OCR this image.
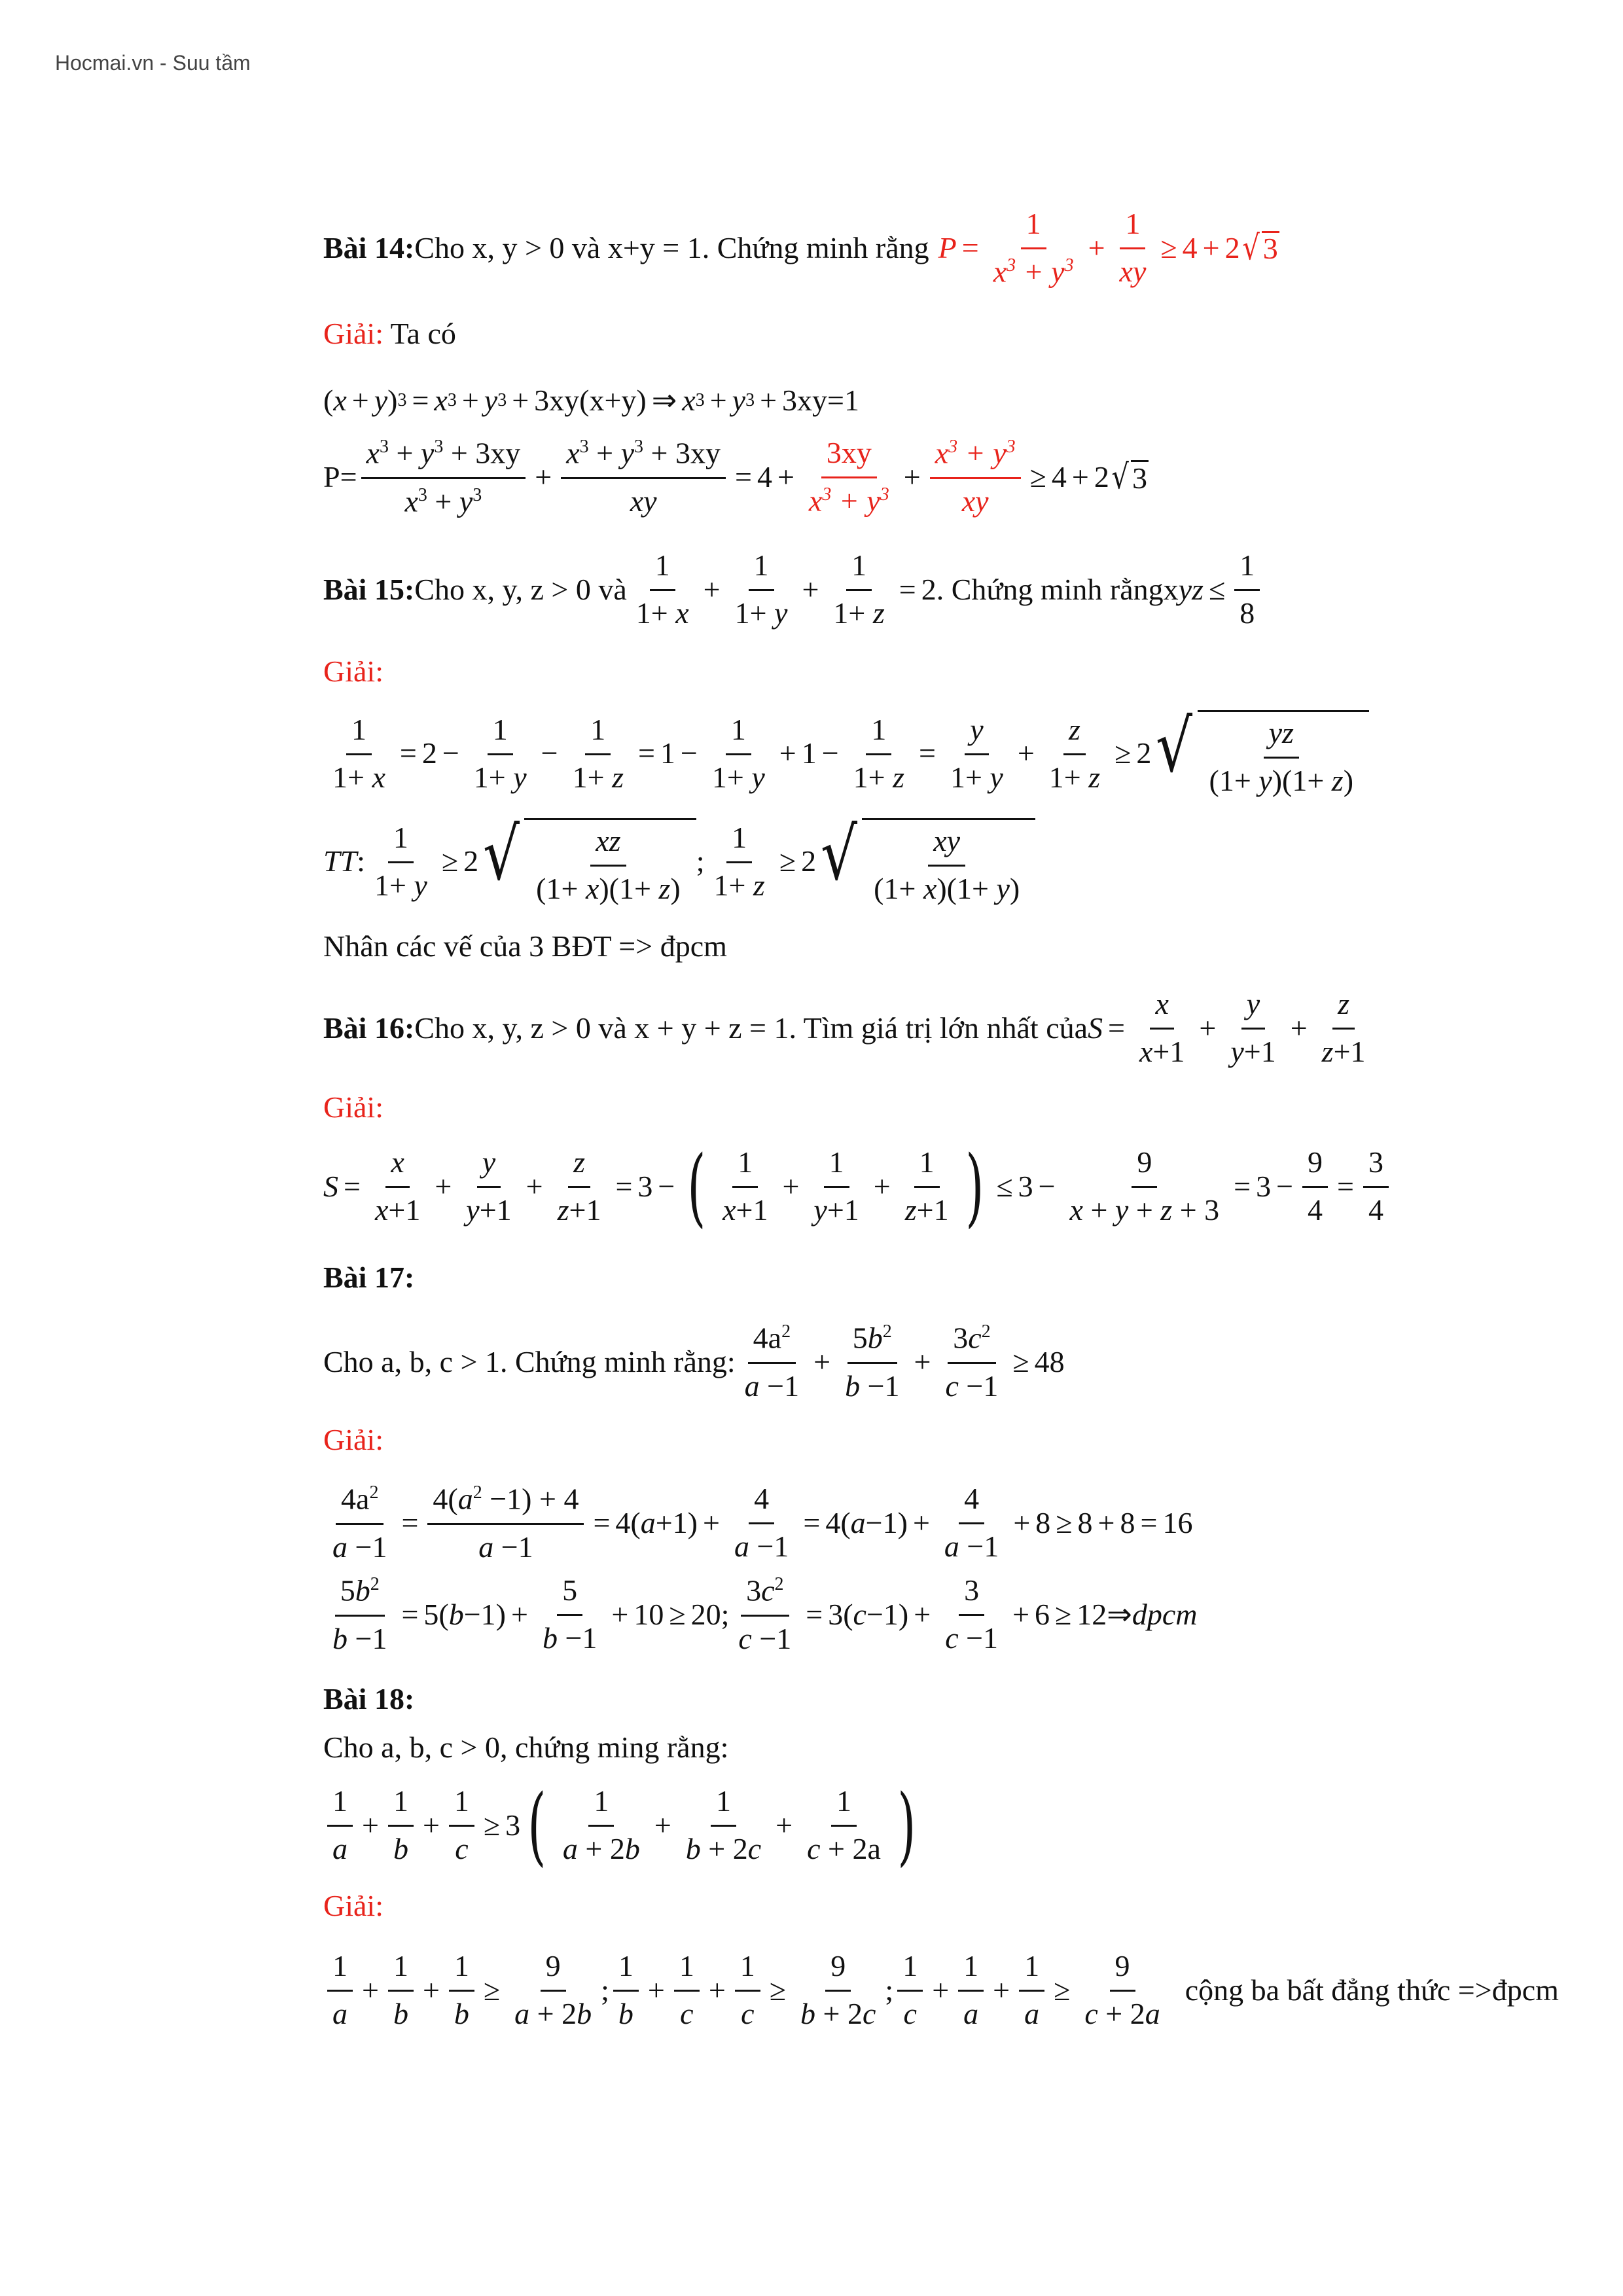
Hocmai.vn - Suu tầm
Bài 14: Cho x, y > 0 và x+y = 1. Chứng minh rằng $P = \frac{1}{x^3 + y^3} + \frac{1}{xy} \ge 4 + 2$ √ 3
Giải: Ta có
( x + y ) 3 = x 3 + y 3 + 3xy(x+y) ⇒ x 3 + y 3 + 3xy=1
$P= \frac{x^3 + y^3 + 3xy}{x^3 + y^3} + \frac{x^3 + y^3 + 3xy}{xy} = 4 + \frac{3xy}{x^3 + y^3} + \frac{x^3 + y^3}{xy} \ge 4 + 2$ √ 3
Bài 15: Cho x, y, z > 0 và $\frac{1}{1+ x} + \frac{1}{1+ y} + \frac{1}{1+ z} = 2$ . Chứng minh rằng x yz ≤ $\frac{1}{8}$
Giải:
$\frac{1}{1+ x} = 2 - \frac{1}{1+ y} - \frac{1}{1+ z} = 1 - \frac{1}{1+ y} + 1 - \frac{1}{1+ z} = \frac{y}{1+ y} + \frac{z}{1+ z} \ge 2$ √ $\frac{yz}{(1+ y)(1+ z)}$
TT : $\frac{1}{1+ y} \ge 2$ √ $\frac{xz}{(1+ x)(1+ z)}$ ; $\frac{1}{1+ z} \ge 2$ √ $\frac{xy}{(1+ x)(1+ y)}$
Nhân các vế của 3 BĐT => đpcm
Bài 16: Cho x, y, z > 0 và x + y + z = 1. Tìm giá trị lớn nhất của $S = \frac{x}{x+1} + \frac{y}{y+1} + \frac{z}{z+1}$
Giải:
$S = \frac{x}{x+1} + \frac{y}{y+1} + \frac{z}{z+1} = 3$ − ( $\frac{1}{x+1} + \frac{1}{y+1} + \frac{1}{z+1}$ ) ≤ $3 - \frac{9}{x + y + z + 3} = 3 - \frac{9}{4} = \frac{3}{4}$
Bài 17:
Cho a, b, c > 1. Chứng minh rằng: $\frac{4a^2}{a -1} + \frac{5b^2}{b -1} + \frac{3c^2}{c -1} \ge 48$
Giải:
$\frac{4a^2}{a -1} = \frac{4(a^2 -1) + 4}{a -1} = 4$( $a +1) + \frac{4}{a -1} = 4$( $a -1) + \frac{4}{a -1} + 8 \ge 8 + 8 = 16$
$\frac{5b^2}{b -1} = 5$( $b -1) + \frac{5}{b -1} + 10 \ge 20$; $\frac{3c^2}{c -1} = 3$( $c -1) + \frac{3}{c -1} + 6$ ≥ 12⇒ dpcm
Bài 18:
Cho a, b, c > 0, chứng ming rằng:
$\frac{1}{a} + \frac{1}{b} + \frac{1}{c} \ge 3$ ( $\frac{1}{a + 2b} + \frac{1}{b + 2c} + \frac{1}{c + 2a}$ )
Giải:
$\frac{1}{a} + \frac{1}{b} + \frac{1}{b} \ge \frac{9}{a + 2b}$ ; $\frac{1}{b} + \frac{1}{c} + \frac{1}{c} \ge \frac{9}{b + 2c}$ ; $\frac{1}{c} + \frac{1}{a} + \frac{1}{a} \ge \frac{9}{c + 2a}$ cộng ba bất đẳng thức =>đpcm
